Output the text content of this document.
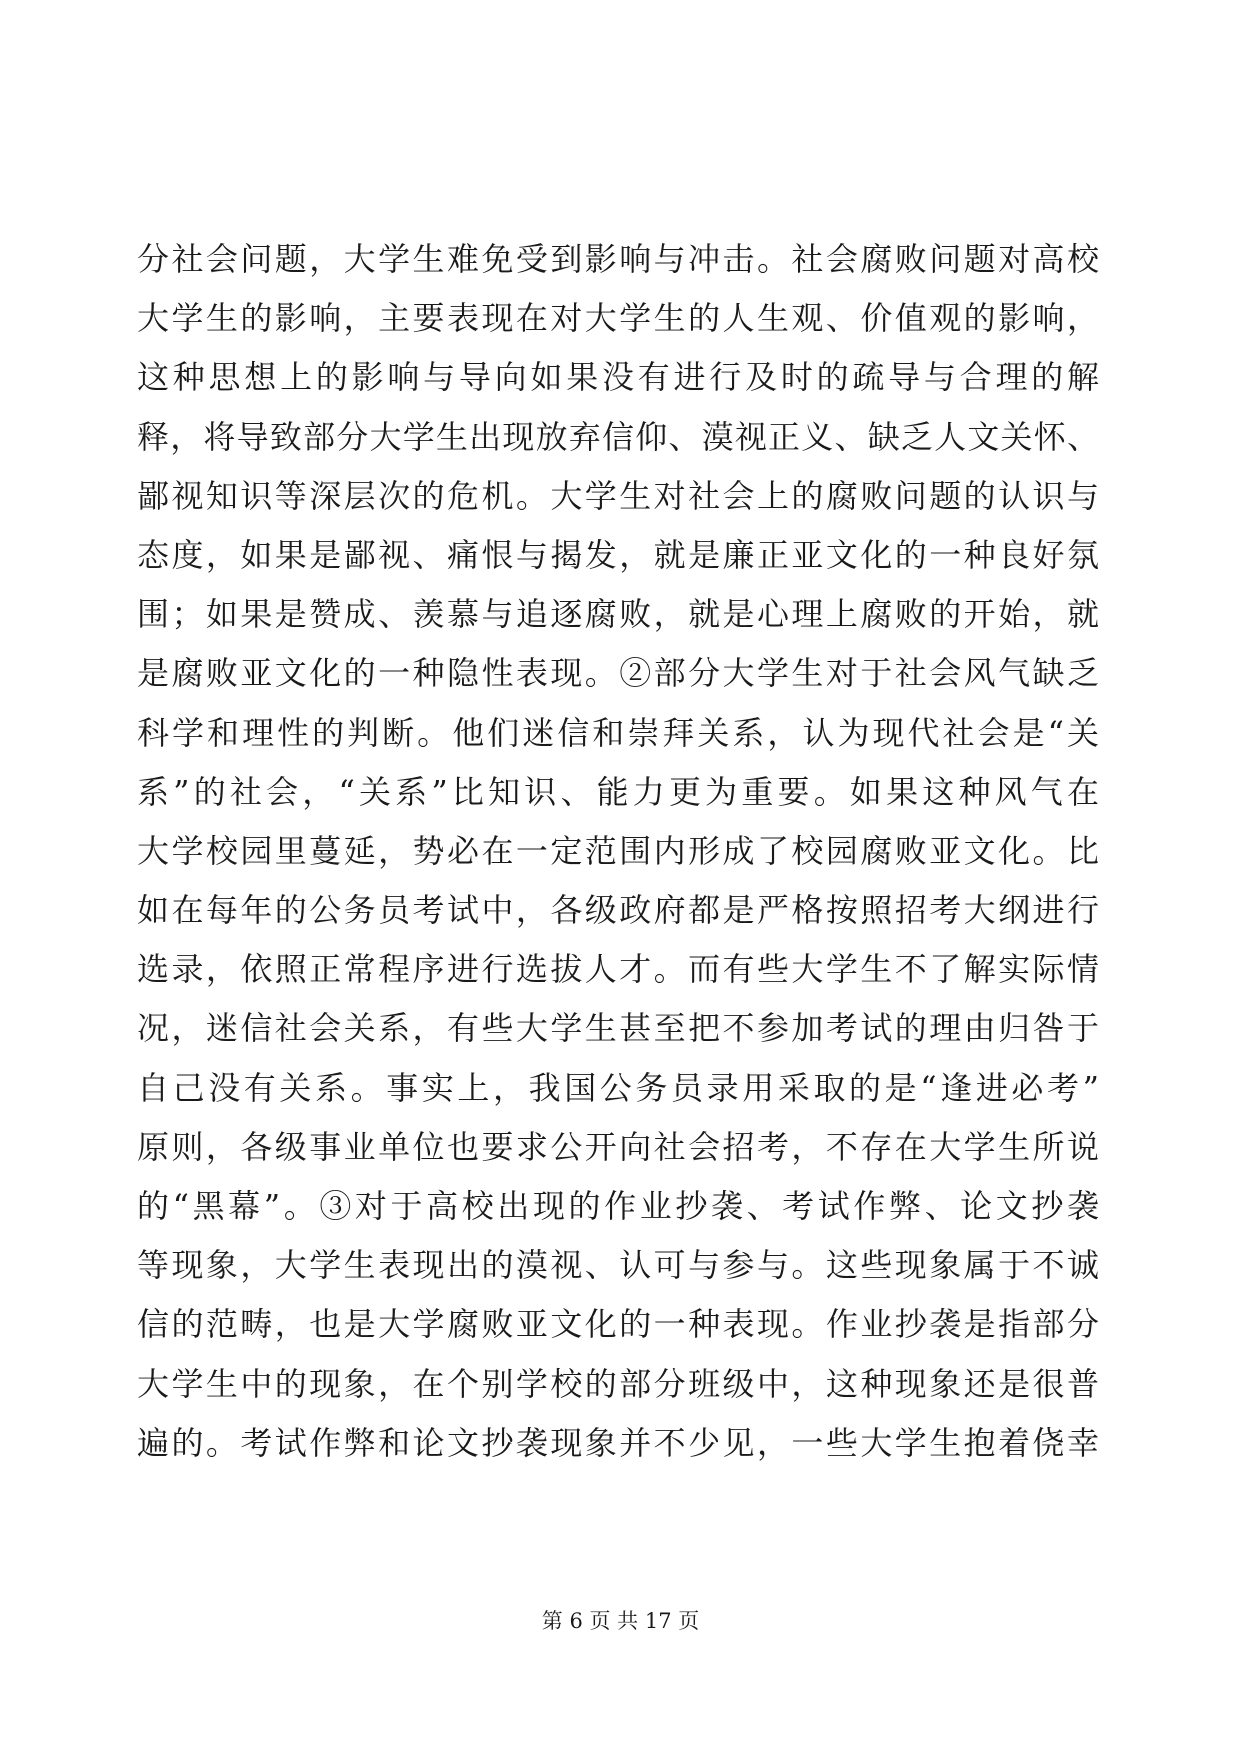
分社会问题，大学生难免受到影响与冲击。社会腐败问题对高校
大学生的影响，主要表现在对大学生的人生观、价值观的影响，
这种思想上的影响与导向如果没有进行及时的疏导与合理的解
释，将导致部分大学生出现放弃信仰、漠视正义、缺乏人文关怀、
鄙视知识等深层次的危机。大学生对社会上的腐败问题的认识与
态度，如果是鄙视、痛恨与揭发，就是廉正亚文化的一种良好氛
围；如果是赞成、羡慕与追逐腐败，就是心理上腐败的开始，就
是腐败亚文化的一种隐性表现。②部分大学生对于社会风气缺乏
科学和理性的判断。他们迷信和崇拜关系，认为现代社会是“关
系”的社会，“关系”比知识、能力更为重要。如果这种风气在
大学校园里蔓延，势必在一定范围内形成了校园腐败亚文化。比
如在每年的公务员考试中，各级政府都是严格按照招考大纲进行
选录，依照正常程序进行选拔人才。而有些大学生不了解实际情
况，迷信社会关系，有些大学生甚至把不参加考试的理由归咎于
自己没有关系。事实上，我国公务员录用采取的是“逢进必考”
原则，各级事业单位也要求公开向社会招考，不存在大学生所说
的“黑幕”。③对于高校出现的作业抄袭、考试作弊、论文抄袭
等现象，大学生表现出的漠视、认可与参与。这些现象属于不诚
信的范畴，也是大学腐败亚文化的一种表现。作业抄袭是指部分
大学生中的现象，在个别学校的部分班级中，这种现象还是很普
遍的。考试作弊和论文抄袭现象并不少见，一些大学生抱着侥幸
第 6 页 共 17 页
